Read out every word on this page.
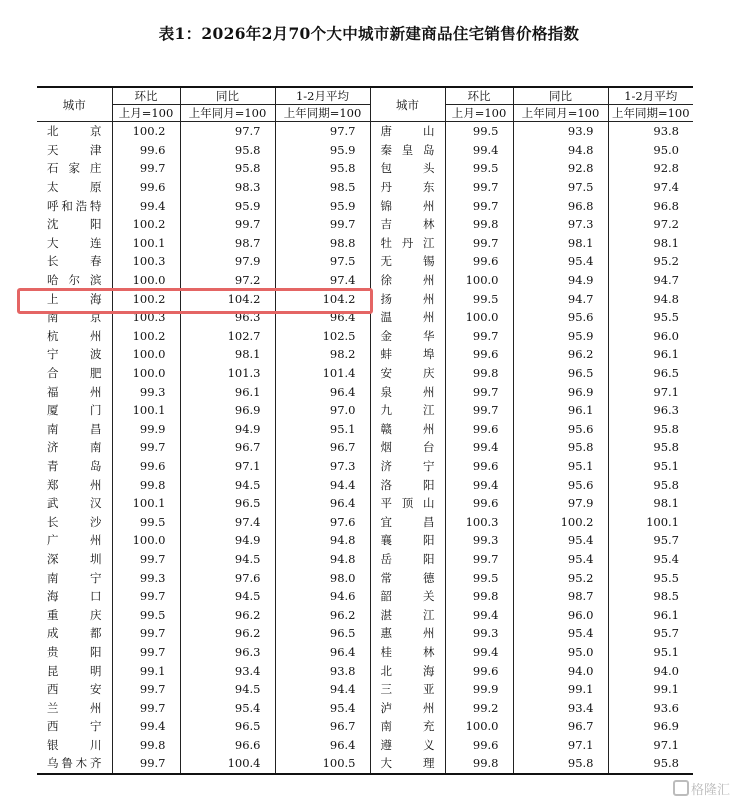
表1：2026年2月70个大中城市新建商品住宅销售价格指数
城市	环比	同比	1-2月平均	城市	环比	同比	1-2月平均
	上月=100	上年同月=100	上年同期=100		上月=100	上年同月=100	上年同期=100
北京	100.2	97.7	97.7	唐山	99.5	93.9	93.8
天津	99.6	95.8	95.9	秦皇岛	99.4	94.8	95.0
石家庄	99.7	95.8	95.8	包头	99.5	92.8	92.8
太原	99.6	98.3	98.5	丹东	99.7	97.5	97.4
呼和浩特	99.4	95.9	95.9	锦州	99.7	96.8	96.8
沈阳	100.2	99.7	99.7	吉林	99.8	97.3	97.2
大连	100.1	98.7	98.8	牡丹江	99.7	98.1	98.1
长春	100.3	97.9	97.5	无锡	99.6	95.4	95.2
哈尔滨	100.0	97.2	97.4	徐州	100.0	94.9	94.7
上海	100.2	104.2	104.2	扬州	99.5	94.7	94.8
南京	100.3	96.3	96.4	温州	100.0	95.6	95.5
杭州	100.2	102.7	102.5	金华	99.7	95.9	96.0
宁波	100.0	98.1	98.2	蚌埠	99.6	96.2	96.1
合肥	100.0	101.3	101.4	安庆	99.8	96.5	96.5
福州	99.3	96.1	96.4	泉州	99.7	96.9	97.1
厦门	100.1	96.9	97.0	九江	99.7	96.1	96.3
南昌	99.9	94.9	95.1	赣州	99.6	95.6	95.8
济南	99.7	96.7	96.7	烟台	99.4	95.8	95.8
青岛	99.6	97.1	97.3	济宁	99.6	95.1	95.1
郑州	99.8	94.5	94.4	洛阳	99.4	95.6	95.8
武汉	100.1	96.5	96.4	平顶山	99.6	97.9	98.1
长沙	99.5	97.4	97.6	宜昌	100.3	100.2	100.1
广州	100.0	94.9	94.8	襄阳	99.3	95.4	95.7
深圳	99.7	94.5	94.8	岳阳	99.7	95.4	95.4
南宁	99.3	97.6	98.0	常德	99.5	95.2	95.5
海口	99.7	94.5	94.6	韶关	99.8	98.7	98.5
重庆	99.5	96.2	96.2	湛江	99.4	96.0	96.1
成都	99.7	96.2	96.5	惠州	99.3	95.4	95.7
贵阳	99.7	96.3	96.4	桂林	99.4	95.0	95.1
昆明	99.1	93.4	93.8	北海	99.6	94.0	94.0
西安	99.7	94.5	94.4	三亚	99.9	99.1	99.1
兰州	99.7	95.4	95.4	泸州	99.2	93.4	93.6
西宁	99.4	96.5	96.7	南充	100.0	96.7	96.9
银川	99.8	96.6	96.4	遵义	99.6	97.1	97.1
乌鲁木齐	99.7	100.4	100.5	大理	99.8	95.8	95.8
格隆汇
